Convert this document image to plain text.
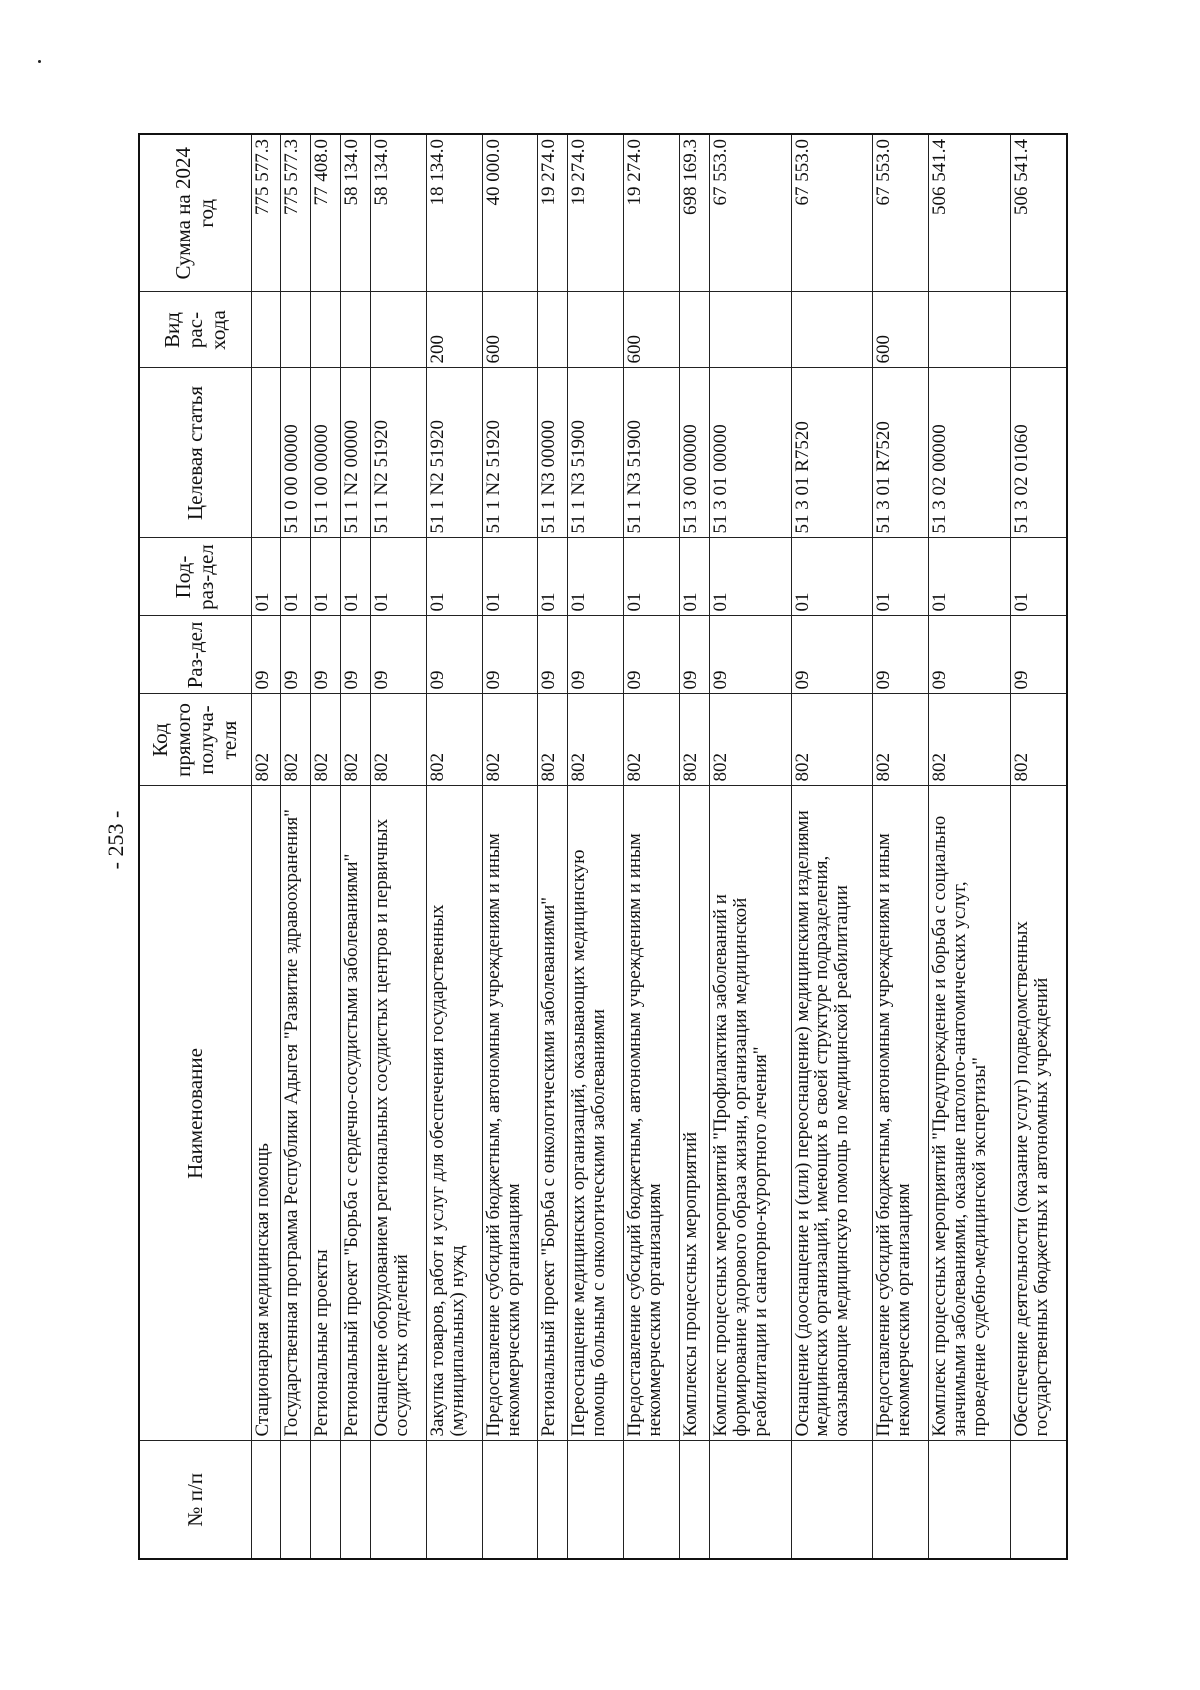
- 253 -
№ п/п	Наименование	Код прямого получа-теля	Раз-дел	Под-раз-дел	Целевая статья	Вид рас-хода	Сумма на 2024 год
	Стационарная медицинская помощь	802	09	01			775 577.3
	Государственная программа Республики Адыгея "Развитие здравоохранения"	802	09	01	51 0 00 00000		775 577.3
	Региональные проекты	802	09	01	51 1 00 00000		77 408.0
	Региональный проект "Борьба с сердечно-сосудистыми заболеваниями"	802	09	01	51 1 N2 00000		58 134.0
	Оснащение оборудованием региональных сосудистых центров и первичных сосудистых отделений	802	09	01	51 1 N2 51920		58 134.0
	Закупка товаров, работ и услуг для обеспечения государственных (муниципальных) нужд	802	09	01	51 1 N2 51920	200	18 134.0
	Предоставление субсидий бюджетным, автономным учреждениям и иным некоммерческим организациям	802	09	01	51 1 N2 51920	600	40 000.0
	Региональный проект "Борьба с онкологическими заболеваниями"	802	09	01	51 1 N3 00000		19 274.0
	Переоснащение медицинских организаций, оказывающих медицинскую помощь больным с онкологическими заболеваниями	802	09	01	51 1 N3 51900		19 274.0
	Предоставление субсидий бюджетным, автономным учреждениям и иным некоммерческим организациям	802	09	01	51 1 N3 51900	600	19 274.0
	Комплексы процессных мероприятий	802	09	01	51 3 00 00000		698 169.3
	Комплекс процессных мероприятий "Профилактика заболеваний и формирование здорового образа жизни, организация медицинской реабилитации и санаторно-курортного лечения"	802	09	01	51 3 01 00000		67 553.0
	Оснащение (дооснащение и (или) переоснащение) медицинскими изделиями медицинских организаций, имеющих в своей структуре подразделения, оказывающие медицинскую помощь по медицинской реабилитации	802	09	01	51 3 01 R7520		67 553.0
	Предоставление субсидий бюджетным, автономным учреждениям и иным некоммерческим организациям	802	09	01	51 3 01 R7520	600	67 553.0
	Комплекс процессных мероприятий "Предупреждение и борьба с социально значимыми заболеваниями, оказание патолого-анатомических услуг, проведение судебно-медицинской экспертизы"	802	09	01	51 3 02 00000		506 541.4
	Обеспечение деятельности (оказание услуг) подведомственных государственных бюджетных и автономных учреждений	802	09	01	51 3 02 01060		506 541.4
